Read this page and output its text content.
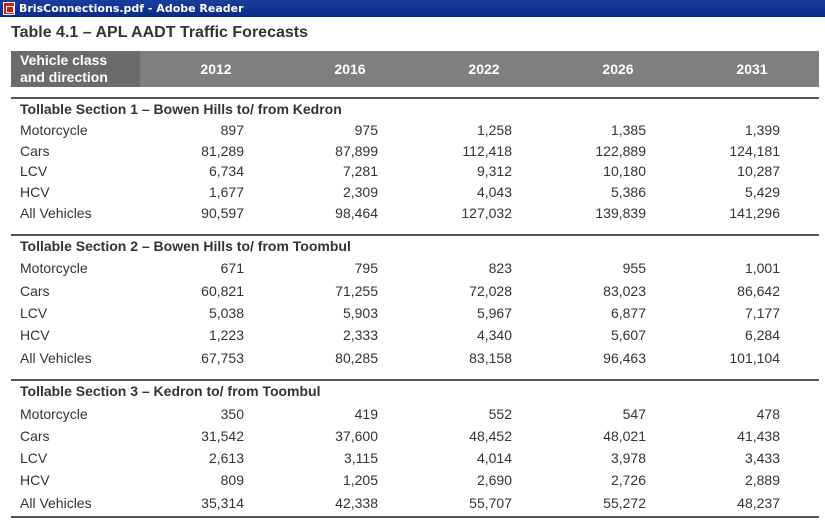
BrisConnections.pdf - Adobe Reader
Table 4.1 – APL AADT Traffic Forecasts
Vehicle class
and direction	2012	2016	2022	2026	2031
Tollable Section 1 – Bowen Hills to/ from Kedron
Motorcycle	897	975	1,258	1,385	1,399
Cars	81,289	87,899	112,418	122,889	124,181
LCV	6,734	7,281	9,312	10,180	10,287
HCV	1,677	2,309	4,043	5,386	5,429
All Vehicles	90,597	98,464	127,032	139,839	141,296
Tollable Section 2 – Bowen Hills to/ from Toombul
Motorcycle	671	795	823	955	1,001
Cars	60,821	71,255	72,028	83,023	86,642
LCV	5,038	5,903	5,967	6,877	7,177
HCV	1,223	2,333	4,340	5,607	6,284
All Vehicles	67,753	80,285	83,158	96,463	101,104
Tollable Section 3 – Kedron to/ from Toombul
Motorcycle	350	419	552	547	478
Cars	31,542	37,600	48,452	48,021	41,438
LCV	2,613	3,115	4,014	3,978	3,433
HCV	809	1,205	2,690	2,726	2,889
All Vehicles	35,314	42,338	55,707	55,272	48,237
